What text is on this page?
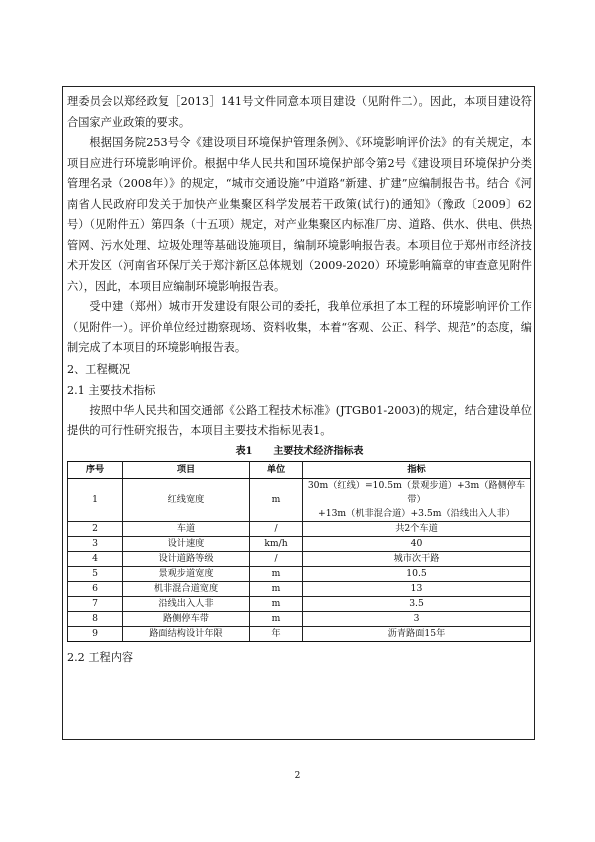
理委员会以郑经政复［2013］141号文件同意本项目建设（见附件二）。因此，本项目建设符合国家产业政策的要求。

根据国务院253号令《建设项目环境保护管理条例》、《环境影响评价法》的有关规定，本项目应进行环境影响评价。根据中华人民共和国环境保护部令第2号《建设项目环境保护分类管理名录（2008年）》的规定，“城市交通设施”中道路“新建、扩建”应编制报告书。结合《河南省人民政府印发关于加快产业集聚区科学发展若干政策(试行)的通知》（豫政〔2009〕62号）（见附件五）第四条（十五项）规定，对产业集聚区内标准厂房、道路、供水、供电、供热管网、污水处理、垃圾处理等基础设施项目，编制环境影响报告表。本项目位于郑州市经济技术开发区（河南省环保厅关于郑汴新区总体规划（2009-2020）环境影响篇章的审查意见附件六），因此，本项目应编制环境影响报告表。

受中建（郑州）城市开发建设有限公司的委托，我单位承担了本工程的环境影响评价工作（见附件一）。评价单位经过勘察现场、资料收集，本着“客观、公正、科学、规范”的态度，编制完成了本项目的环境影响报告表。

2、工程概况
2.1 主要技术指标

按照中华人民共和国交通部《公路工程技术标准》(JTGB01-2003)的规定，结合建设单位提供的可行性研究报告，本项目主要技术指标见表1。

表1 主要技术经济指标表
序号	项目	单位	指标
1	红线宽度	m	30m（红线）=10.5m（景观步道）+3m（路侧停车带）
+13m（机非混合道）+3.5m（沿线出入人非）

2	车道	/	共2个车道
3	设计速度	km/h	40
4	设计道路等级	/	城市次干路
5	景观步道宽度	m	10.5
6	机非混合道宽度	m	13
7	沿线出入人非	m	3.5
8	路侧停车带	m	3
9	路面结构设计年限	年	沥青路面15年
2.2 工程内容
2
